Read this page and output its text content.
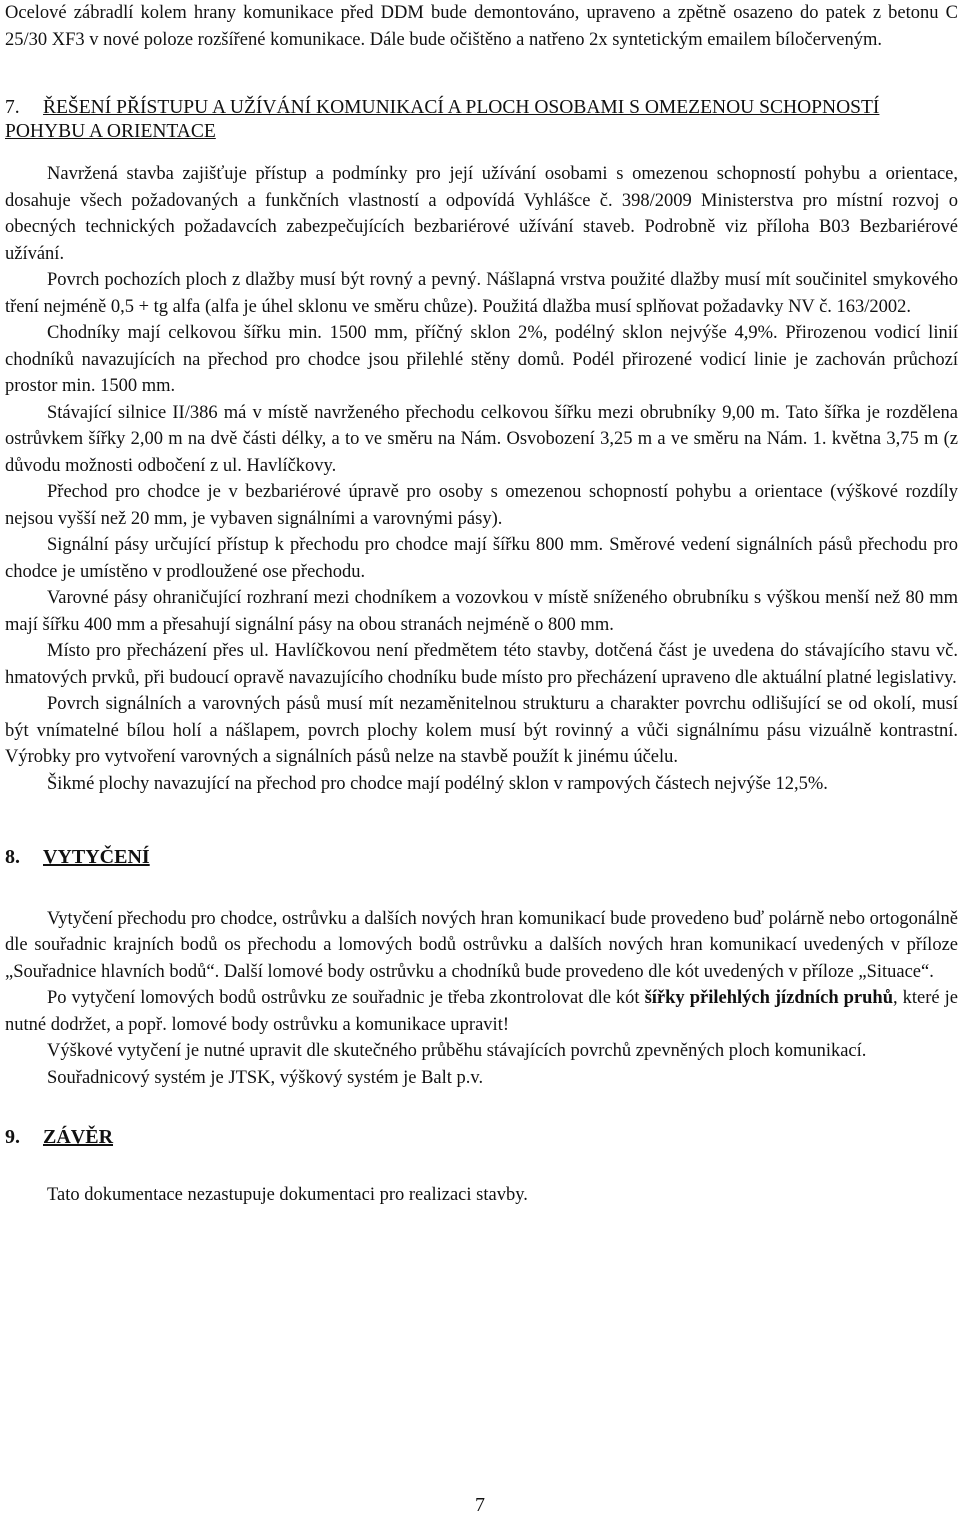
Ocelové zábradlí kolem hrany komunikace před DDM bude demontováno, upraveno a zpětně osazeno do patek z betonu C 25/30 XF3 v nové poloze rozšířené komunikace. Dále bude očištěno a natřeno 2x syntetickým emailem bíločerveným.

7. ŘEŠENÍ PŘÍSTUPU A UŽÍVÁNÍ KOMUNIKACÍ A PLOCH OSOBAMI S OMEZENOU SCHOPNOSTÍ POHYBU A ORIENTACE

Navržená stavba zajišťuje přístup a podmínky pro její užívání osobami s omezenou schopností pohybu a orientace, dosahuje všech požadovaných a funkčních vlastností a odpovídá Vyhlášce č. 398/2009 Ministerstva pro místní rozvoj o obecných technických požadavcích zabezpečujících bezbariérové užívání staveb. Podrobně viz příloha B03 Bezbariérové užívání.

Povrch pochozích ploch z dlažby musí být rovný a pevný. Nášlapná vrstva použité dlažby musí mít součinitel smykového tření nejméně 0,5 + tg alfa (alfa je úhel sklonu ve směru chůze). Použitá dlažba musí splňovat požadavky NV č. 163/2002.

Chodníky mají celkovou šířku min. 1500 mm, příčný sklon 2%, podélný sklon nejvýše 4,9%. Přirozenou vodicí linií chodníků navazujících na přechod pro chodce jsou přilehlé stěny domů. Podél přirozené vodicí linie je zachován průchozí prostor min. 1500 mm.

Stávající silnice II/386 má v místě navrženého přechodu celkovou šířku mezi obrubníky 9,00 m. Tato šířka je rozdělena ostrůvkem šířky 2,00 m na dvě části délky, a to ve směru na Nám. Osvobození 3,25 m a ve směru na Nám. 1. května 3,75 m (z důvodu možnosti odbočení z ul. Havlíčkovy.

Přechod pro chodce je v bezbariérové úpravě pro osoby s omezenou schopností pohybu a orientace (výškové rozdíly nejsou vyšší než 20 mm, je vybaven signálními a varovnými pásy).

Signální pásy určující přístup k přechodu pro chodce mají šířku 800 mm. Směrové vedení signálních pásů přechodu pro chodce je umístěno v prodloužené ose přechodu.

Varovné pásy ohraničující rozhraní mezi chodníkem a vozovkou v místě sníženého obrubníku s výškou menší než 80 mm mají šířku 400 mm a přesahují signální pásy na obou stranách nejméně o 800 mm.

Místo pro přecházení přes ul. Havlíčkovou není předmětem této stavby, dotčená část je uvedena do stávajícího stavu vč. hmatových prvků, při budoucí opravě navazujícího chodníku bude místo pro přecházení upraveno dle aktuální platné legislativy.

Povrch signálních a varovných pásů musí mít nezaměnitelnou strukturu a charakter povrchu odlišující se od okolí, musí být vnímatelné bílou holí a nášlapem, povrch plochy kolem musí být rovinný a vůči signálnímu pásu vizuálně kontrastní. Výrobky pro vytvoření varovných a signálních pásů nelze na stavbě použít k jinému účelu.

Šikmé plochy navazující na přechod pro chodce mají podélný sklon v rampových částech nejvýše 12,5%.

8. VYTYČENÍ

Vytyčení přechodu pro chodce, ostrůvku a dalších nových hran komunikací bude provedeno buď polárně nebo ortogonálně dle souřadnic krajních bodů os přechodu a lomových bodů ostrůvku a dalších nových hran komunikací uvedených v příloze „Souřadnice hlavních bodů“. Další lomové body ostrůvku a chodníků bude provedeno dle kót uvedených v příloze „Situace“.

Po vytyčení lomových bodů ostrůvku ze souřadnic je třeba zkontrolovat dle kót šířky přilehlých jízdních pruhů, které je nutné dodržet, a popř. lomové body ostrůvku a komunikace upravit!

Výškové vytyčení je nutné upravit dle skutečného průběhu stávajících povrchů zpevněných ploch komunikací.

Souřadnicový systém je JTSK, výškový systém je Balt p.v.

9. ZÁVĚR

Tato dokumentace nezastupuje dokumentaci pro realizaci stavby.

7
